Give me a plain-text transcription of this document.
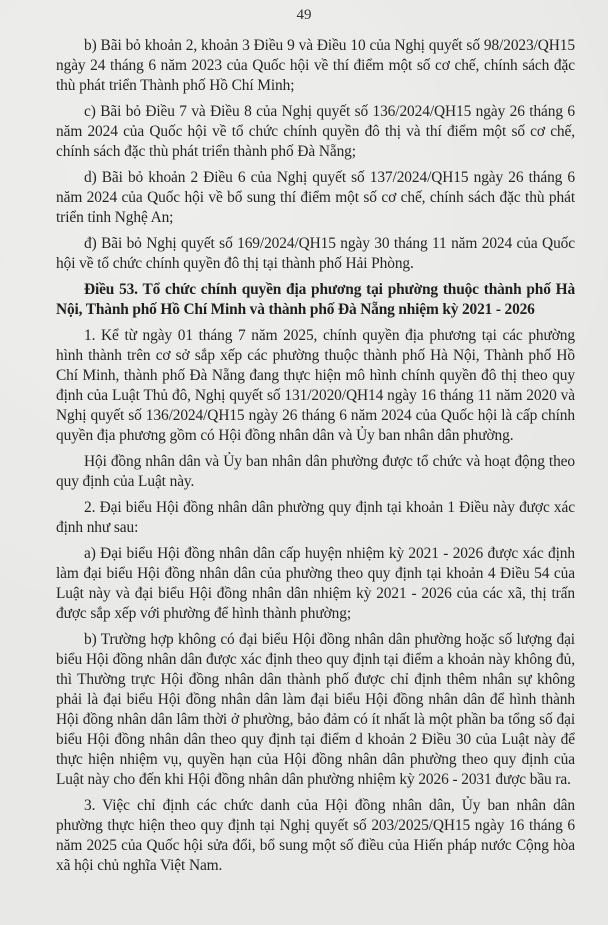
49

b) Bãi bỏ khoản 2, khoản 3 Điều 9 và Điều 10 của Nghị quyết số 98/2023/QH15 ngày 24 tháng 6 năm 2023 của Quốc hội về thí điểm một số cơ chế, chính sách đặc thù phát triển Thành phố Hồ Chí Minh;

c) Bãi bỏ Điều 7 và Điều 8 của Nghị quyết số 136/2024/QH15 ngày 26 tháng 6 năm 2024 của Quốc hội về tổ chức chính quyền đô thị và thí điểm một số cơ chế, chính sách đặc thù phát triển thành phố Đà Nẵng;

d) Bãi bỏ khoản 2 Điều 6 của Nghị quyết số 137/2024/QH15 ngày 26 tháng 6 năm 2024 của Quốc hội về bổ sung thí điểm một số cơ chế, chính sách đặc thù phát triển tỉnh Nghệ An;

đ) Bãi bỏ Nghị quyết số 169/2024/QH15 ngày 30 tháng 11 năm 2024 của Quốc hội về tổ chức chính quyền đô thị tại thành phố Hải Phòng.

Điều 53. Tổ chức chính quyền địa phương tại phường thuộc thành phố Hà Nội, Thành phố Hồ Chí Minh và thành phố Đà Nẵng nhiệm kỳ 2021 - 2026

1. Kể từ ngày 01 tháng 7 năm 2025, chính quyền địa phương tại các phường hình thành trên cơ sở sắp xếp các phường thuộc thành phố Hà Nội, Thành phố Hồ Chí Minh, thành phố Đà Nẵng đang thực hiện mô hình chính quyền đô thị theo quy định của Luật Thủ đô, Nghị quyết số 131/2020/QH14 ngày 16 tháng 11 năm 2020 và Nghị quyết số 136/2024/QH15 ngày 26 tháng 6 năm 2024 của Quốc hội là cấp chính quyền địa phương gồm có Hội đồng nhân dân và Ủy ban nhân dân phường.

Hội đồng nhân dân và Ủy ban nhân dân phường được tổ chức và hoạt động theo quy định của Luật này.

2. Đại biểu Hội đồng nhân dân phường quy định tại khoản 1 Điều này được xác định như sau:

a) Đại biểu Hội đồng nhân dân cấp huyện nhiệm kỳ 2021 - 2026 được xác định làm đại biểu Hội đồng nhân dân của phường theo quy định tại khoản 4 Điều 54 của Luật này và đại biểu Hội đồng nhân dân nhiệm kỳ 2021 - 2026 của các xã, thị trấn được sắp xếp với phường để hình thành phường;

b) Trường hợp không có đại biểu Hội đồng nhân dân phường hoặc số lượng đại biểu Hội đồng nhân dân được xác định theo quy định tại điểm a khoản này không đủ, thì Thường trực Hội đồng nhân dân thành phố được chỉ định thêm nhân sự không phải là đại biểu Hội đồng nhân dân làm đại biểu Hội đồng nhân dân để hình thành Hội đồng nhân dân lâm thời ở phường, bảo đảm có ít nhất là một phần ba tổng số đại biểu Hội đồng nhân dân theo quy định tại điểm d khoản 2 Điều 30 của Luật này để thực hiện nhiệm vụ, quyền hạn của Hội đồng nhân dân phường theo quy định của Luật này cho đến khi Hội đồng nhân dân phường nhiệm kỳ 2026 - 2031 được bầu ra.

3. Việc chỉ định các chức danh của Hội đồng nhân dân, Ủy ban nhân dân phường thực hiện theo quy định tại Nghị quyết số 203/2025/QH15 ngày 16 tháng 6 năm 2025 của Quốc hội sửa đổi, bổ sung một số điều của Hiến pháp nước Cộng hòa xã hội chủ nghĩa Việt Nam.
